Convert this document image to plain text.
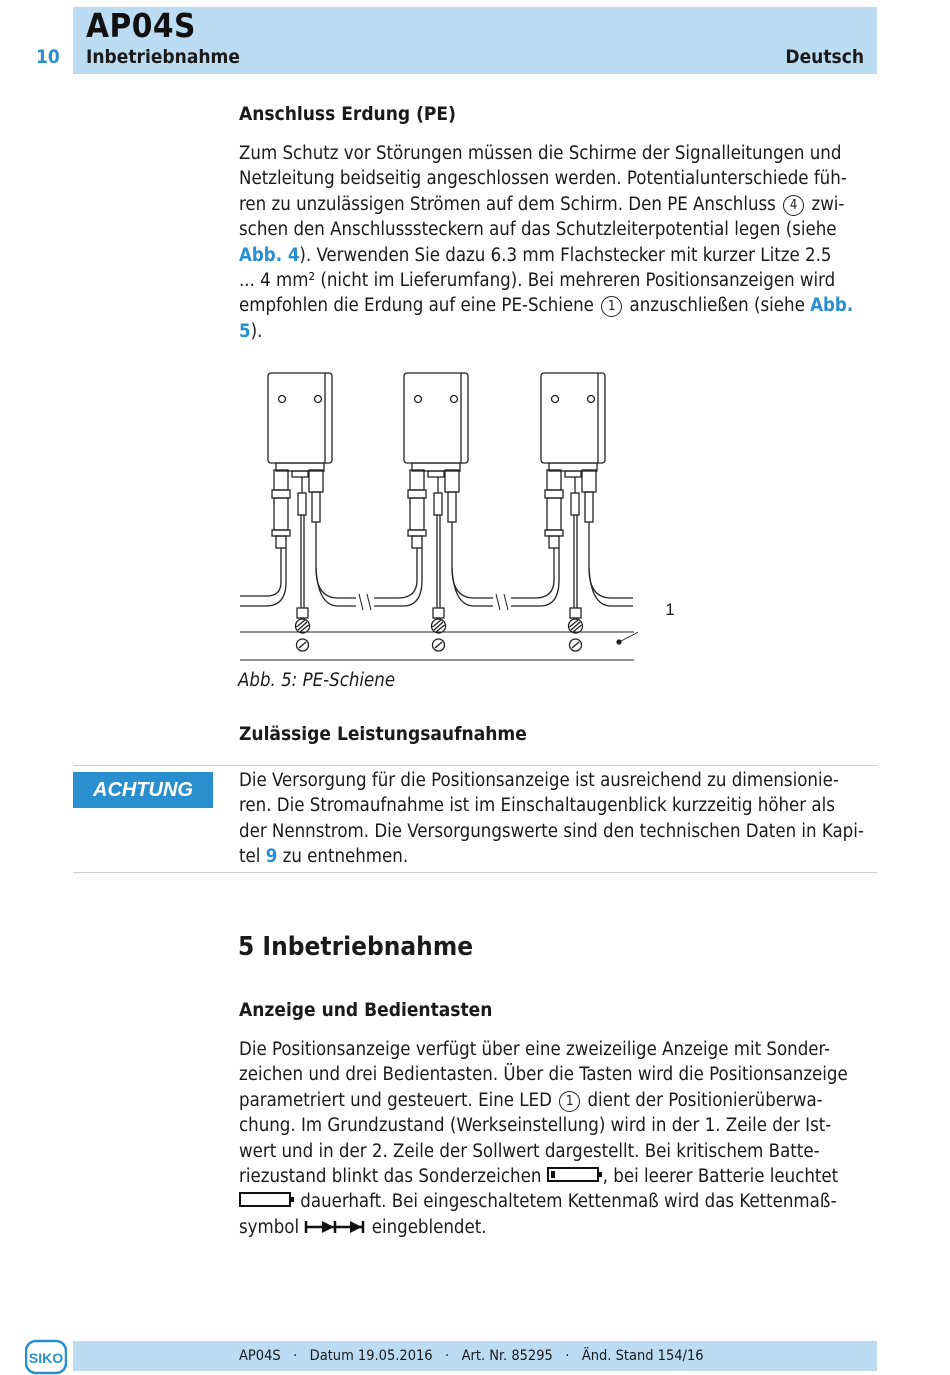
10
AP04S
Inbetriebnahme	Deutsch
Anschluss Erdung (PE)
Zum Schutz vor Störungen müssen die Schirme der Signalleitungen und
Netzleitung beidseitig angeschlossen werden. Potentialunterschiede füh-
ren zu unzulässigen Strömen auf dem Schirm. Den PE Anschluss 4 zwi-
schen den Anschlusssteckern auf das Schutzleiterpotential legen (siehe
Abb. 4). Verwenden Sie dazu 6.3 mm Flachstecker mit kurzer Litze 2.5
... 4 mm² (nicht im Lieferumfang). Bei mehreren Positionsanzeigen wird
empfohlen die Erdung auf eine PE-Schiene 1 anzuschließen (siehe Abb.
5).
1
Abb. 5: PE-Schiene
Zulässige Leistungsaufnahme
ACHTUNG	Die Versorgung für die Positionsanzeige ist ausreichend zu dimensionie-
ren. Die Stromaufnahme ist im Einschaltaugenblick kurzzeitig höher als
der Nennstrom. Die Versorgungswerte sind den technischen Daten in Kapi-
tel 9 zu entnehmen.
5 Inbetriebnahme
Anzeige und Bedientasten
Die Positionsanzeige verfügt über eine zweizeilige Anzeige mit Sonder-
zeichen und drei Bedientasten. Über die Tasten wird die Positionsanzeige
parametriert und gesteuert. Eine LED 1 dient der Positionierüberwa-
chung. Im Grundzustand (Werkseinstellung) wird in der 1. Zeile der Ist-
wert und in der 2. Zeile der Sollwert dargestellt. Bei kritischem Batte-
riezustand blinkt das Sonderzeichen	, bei leerer Batterie leuchtet
dauerhaft. Bei eingeschaltetem Kettenmaß wird das Kettenmaß-
symbol	eingeblendet.
AP04S   ·   Datum 19.05.2016   ·   Art. Nr. 85295   ·   Änd. Stand 154/16
SIKO
